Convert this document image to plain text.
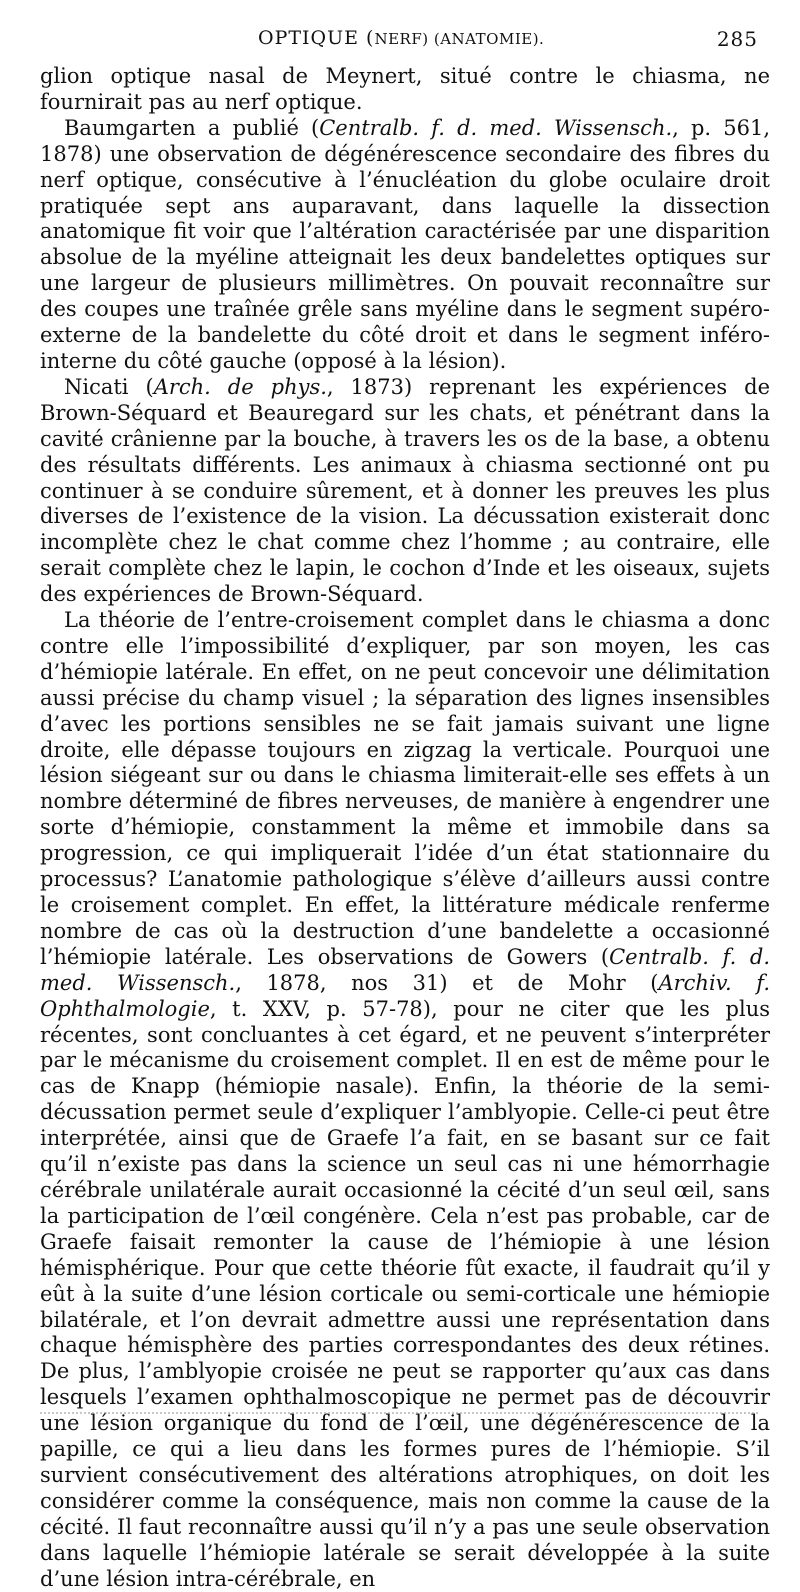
OPTIQUE (NERF) (ANATOMIE).	285

glion optique nasal de Meynert, situé contre le chiasma, ne fournirait pas au nerf optique.

Baumgarten a publié (Centralb. f. d. med. Wissensch., p. 561, 1878) une observation de dégénérescence secondaire des fibres du nerf optique, consécutive à l’énucléation du globe oculaire droit pratiquée sept ans auparavant, dans laquelle la dissection anatomique fit voir que l’altération caractérisée par une disparition absolue de la myéline atteignait les deux bandelettes optiques sur une largeur de plusieurs millimètres. On pouvait reconnaître sur des coupes une traînée grêle sans myéline dans le segment supéro-externe de la bandelette du côté droit et dans le segment inféro-interne du côté gauche (opposé à la lésion).

Nicati (Arch. de phys., 1873) reprenant les expériences de Brown-Séquard et Beauregard sur les chats, et pénétrant dans la cavité crânienne par la bouche, à travers les os de la base, a obtenu des résultats différents. Les animaux à chiasma sectionné ont pu continuer à se conduire sûrement, et à donner les preuves les plus diverses de l’existence de la vision. La décussation existerait donc incomplète chez le chat comme chez l’homme ; au contraire, elle serait complète chez le lapin, le cochon d’Inde et les oiseaux, sujets des expériences de Brown-Séquard.

La théorie de l’entre-croisement complet dans le chiasma a donc contre elle l’impossibilité d’expliquer, par son moyen, les cas d’hémiopie latérale. En effet, on ne peut concevoir une délimitation aussi précise du champ visuel ; la séparation des lignes insensibles d’avec les portions sensibles ne se fait jamais suivant une ligne droite, elle dépasse toujours en zigzag la verticale. Pourquoi une lésion siégeant sur ou dans le chiasma limiterait-elle ses effets à un nombre déterminé de fibres nerveuses, de manière à engendrer une sorte d’hémiopie, constamment la même et immobile dans sa progression, ce qui impliquerait l’idée d’un état stationnaire du processus? L’anatomie pathologique s’élève d’ailleurs aussi contre le croisement complet. En effet, la littérature médicale renferme nombre de cas où la destruction d’une bandelette a occasionné l’hémiopie latérale. Les observations de Gowers (Centralb. f. d. med. Wissensch., 1878, nos 31) et de Mohr (Archiv. f. Ophthalmologie, t. XXV, p. 57-78), pour ne citer que les plus récentes, sont concluantes à cet égard, et ne peuvent s’interpréter par le mécanisme du croisement complet. Il en est de même pour le cas de Knapp (hémiopie nasale). Enfin, la théorie de la semi-décussation permet seule d’expliquer l’amblyopie. Celle-ci peut être interprétée, ainsi que de Graefe l’a fait, en se basant sur ce fait qu’il n’existe pas dans la science un seul cas ni une hémorrhagie cérébrale unilatérale aurait occasionné la cécité d’un seul œil, sans la participation de l’œil congénère. Cela n’est pas probable, car de Graefe faisait remonter la cause de l’hémiopie à une lésion hémisphérique. Pour que cette théorie fût exacte, il faudrait qu’il y eût à la suite d’une lésion corticale ou semi-corticale une hémiopie bilatérale, et l’on devrait admettre aussi une représentation dans chaque hémisphère des parties correspondantes des deux rétines. De plus, l’amblyopie croisée ne peut se rapporter qu’aux cas dans lesquels l’examen ophthalmoscopique ne permet pas de découvrir une lésion organique du fond de l’œil, une dégénérescence de la papille, ce qui a lieu dans les formes pures de l’hémiopie. S’il survient consécutivement des altérations atrophiques, on doit les considérer comme la conséquence, mais non comme la cause de la cécité. Il faut reconnaître aussi qu’il n’y a pas une seule observation dans laquelle l’hémiopie latérale se serait développée à la suite d’une lésion intra-cérébrale, en
